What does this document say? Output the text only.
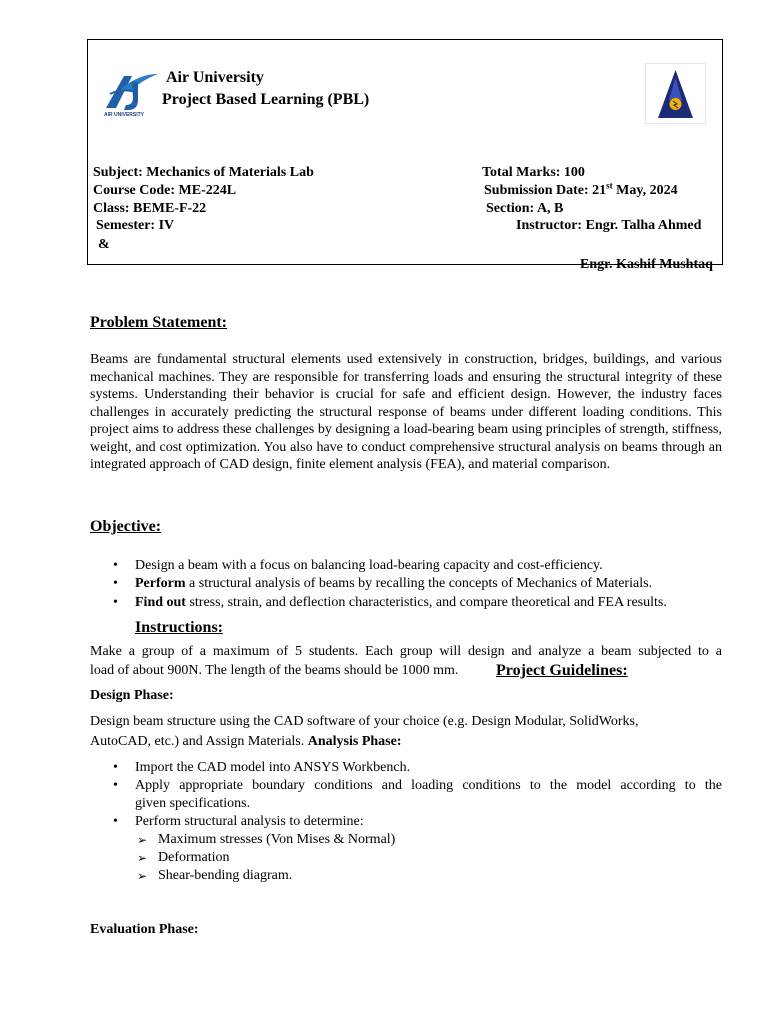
AIR UNIVERSITY
Air University
Project Based Learning (PBL)
Subject: Mechanics of Materials Lab
Course Code: ME-224L
Class: BEME-F-22
Semester: IV
&
Total Marks: 100
Submission Date: 21st May, 2024
Section: A, B
Instructor: Engr. Talha Ahmed
Engr. Kashif Mushtaq
Problem Statement:
Beams are fundamental structural elements used extensively in construction, bridges, buildings, and various mechanical machines. They are responsible for transferring loads and ensuring the structural integrity of these systems. Understanding their behavior is crucial for safe and efficient design. However, the industry faces challenges in accurately predicting the structural response of beams under different loading conditions. This project aims to address these challenges by designing a load-bearing beam using principles of strength, stiffness, weight, and cost optimization. You also have to conduct comprehensive structural analysis on beams through an integrated approach of CAD design, finite element analysis (FEA), and material comparison.
Objective:
• Design a beam with a focus on balancing load-bearing capacity and cost-efficiency.
• Perform a structural analysis of beams by recalling the concepts of Mechanics of Materials.
• Find out stress, strain, and deflection characteristics, and compare theoretical and FEA results.
Instructions:
Make a group of a maximum of 5 students. Each group will design and analyze a beam subjected to a
load of about 900N. The length of the beams should be 1000 mm. Project Guidelines:
Design Phase:
Design beam structure using the CAD software of your choice (e.g. Design Modular, SolidWorks,
AutoCAD, etc.) and Assign Materials. Analysis Phase:
• Import the CAD model into ANSYS Workbench.
• Apply appropriate boundary conditions and loading conditions to the model according to the
given specifications.
• Perform structural analysis to determine:
➢ Maximum stresses (Von Mises & Normal)
➢ Deformation
➢ Shear-bending diagram.
Evaluation Phase:
